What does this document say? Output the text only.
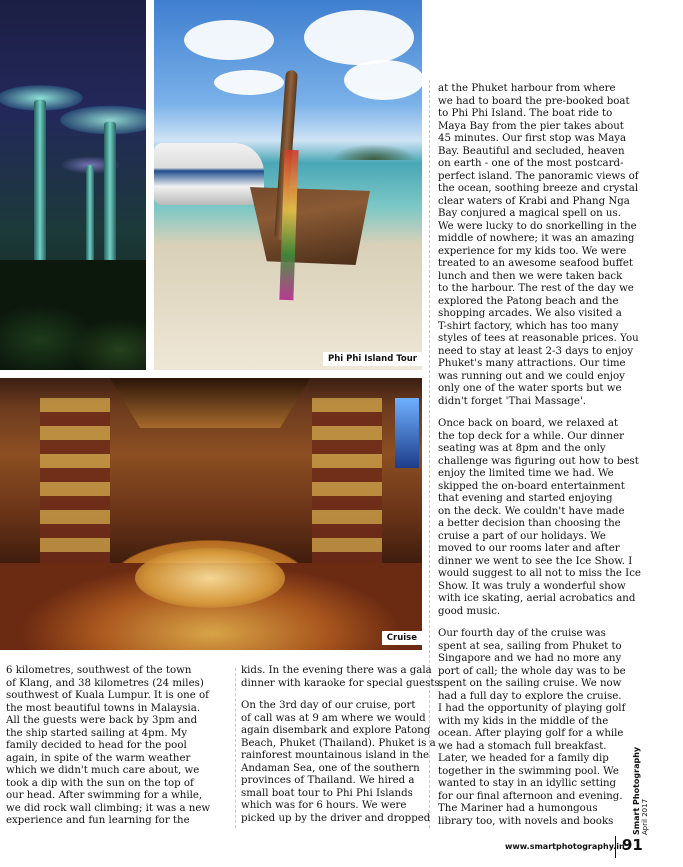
Phi Phi Island Tour
Cruise
6 kilometres, southwest of the town
of Klang, and 38 kilometres (24 miles)
southwest of Kuala Lumpur. It is one of
the most beautiful towns in Malaysia.
All the guests were back by 3pm and
the ship started sailing at 4pm. My
family decided to head for the pool
again, in spite of the warm weather
which we didn't much care about, we
took a dip with the sun on the top of
our head. After swimming for a while,
we did rock wall climbing; it was a new
experience and fun learning for the
kids. In the evening there was a gala
dinner with karaoke for special guests.
On the 3rd day of our cruise, port
of call was at 9 am where we would
again disembark and explore Patong
Beach, Phuket (Thailand). Phuket is a
rainforest mountainous island in the
Andaman Sea, one of the southern
provinces of Thailand. We hired a
small boat tour to Phi Phi Islands
which was for 6 hours. We were
picked up by the driver and dropped
at the Phuket harbour from where
we had to board the pre-booked boat
to Phi Phi Island. The boat ride to
Maya Bay from the pier takes about
45 minutes. Our first stop was Maya
Bay. Beautiful and secluded, heaven
on earth - one of the most postcard-
perfect island. The panoramic views of
the ocean, soothing breeze and crystal
clear waters of Krabi and Phang Nga
Bay conjured a magical spell on us.
We were lucky to do snorkelling in the
middle of nowhere; it was an amazing
experience for my kids too. We were
treated to an awesome seafood buffet
lunch and then we were taken back
to the harbour. The rest of the day we
explored the Patong beach and the
shopping arcades. We also visited a
T-shirt factory, which has too many
styles of tees at reasonable prices. You
need to stay at least 2-3 days to enjoy
Phuket's many attractions. Our time
was running out and we could enjoy
only one of the water sports but we
didn't forget 'Thai Massage'.
Once back on board, we relaxed at
the top deck for a while. Our dinner
seating was at 8pm and the only
challenge was figuring out how to best
enjoy the limited time we had. We
skipped the on-board entertainment
that evening and started enjoying
on the deck. We couldn't have made
a better decision than choosing the
cruise a part of our holidays. We
moved to our rooms later and after
dinner we went to see the Ice Show. I
would suggest to all not to miss the Ice
Show. It was truly a wonderful show
with ice skating, aerial acrobatics and
good music.
Our fourth day of the cruise was
spent at sea, sailing from Phuket to
Singapore and we had no more any
port of call; the whole day was to be
spent on the sailing cruise. We now
had a full day to explore the cruise.
I had the opportunity of playing golf
with my kids in the middle of the
ocean. After playing golf for a while
we had a stomach full breakfast.
Later, we headed for a family dip
together in the swimming pool. We
wanted to stay in an idyllic setting
for our final afternoon and evening.
The Mariner had a humongous
library too, with novels and books	Smart Photography April 2017
www.smartphotography.in
91
